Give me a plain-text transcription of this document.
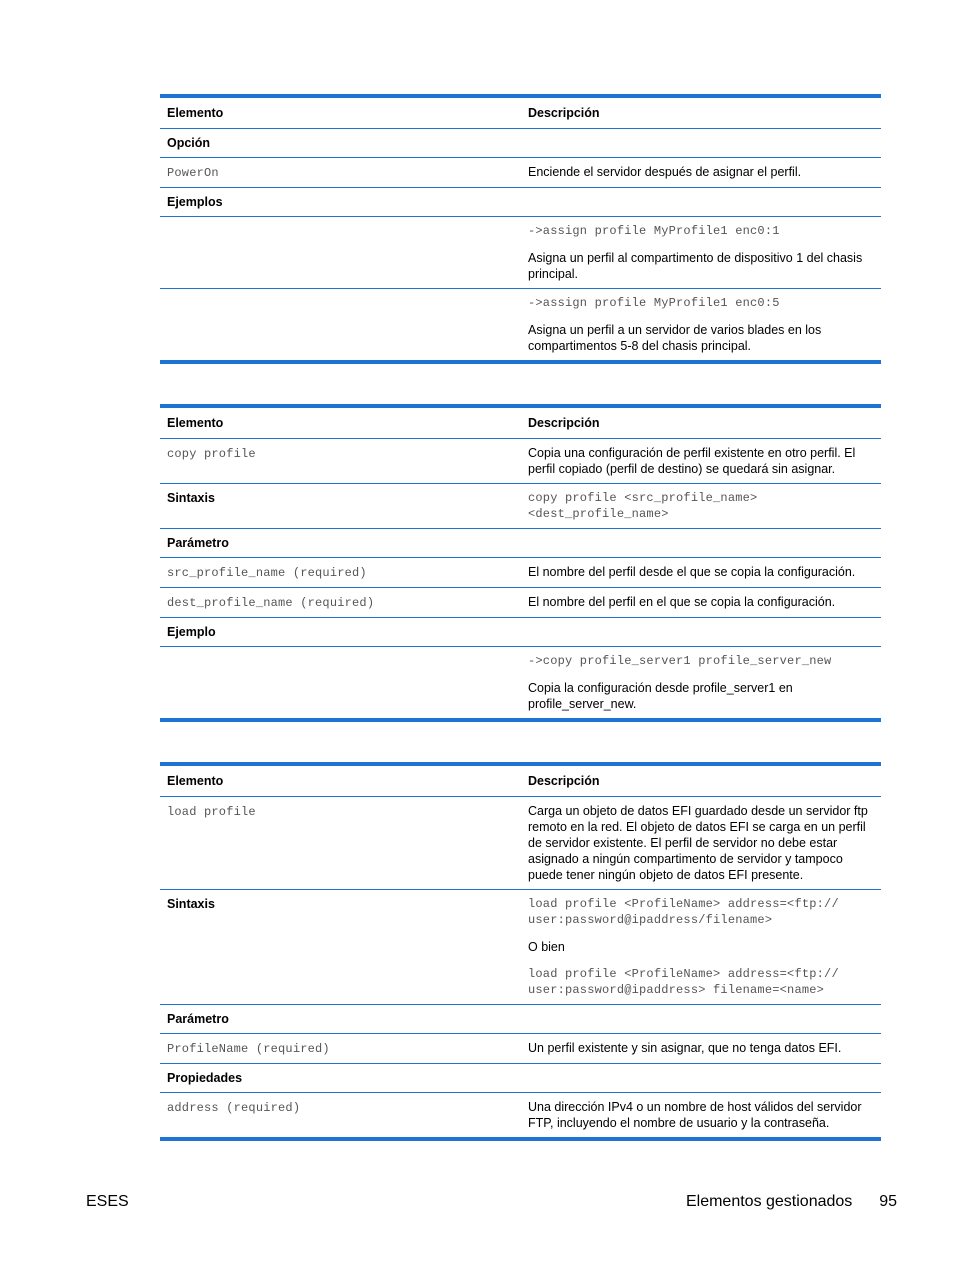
Elemento	Descripción
Opción	
PowerOn	Enciende el servidor después de asignar el perfil.
Ejemplos	

	->assign profile MyProfile1 enc0:1
Asigna un perfil al compartimento de dispositivo 1 del chasis principal.

	->assign profile MyProfile1 enc0:5
Asigna un perfil a un servidor de varios blades en los compartimentos 5-8 del chasis principal.
Elemento	Descripción
copy profile	Copia una configuración de perfil existente en otro perfil. El perfil copiado (perfil de destino) se quedará sin asignar.
Sintaxis	copy profile <src_profile_name>
<dest_profile_name>

Parámetro	
src_profile_name (required)	El nombre del perfil desde el que se copia la configuración.
dest_profile_name (required)	El nombre del perfil en el que se copia la configuración.
Ejemplo	

	->copy profile_server1 profile_server_new
Copia la configuración desde profile_server1 en profile_server_new.
Elemento	Descripción
load profile	Carga un objeto de datos EFI guardado desde un servidor ftp remoto en la red. El objeto de datos EFI se carga en un perfil de servidor existente. El perfil de servidor no debe estar asignado a ningún compartimento de servidor y tampoco puede tener ningún objeto de datos EFI presente.
Sintaxis	load profile <ProfileName> address=<ftp://
user:password@ipaddress/filename>
O bien
load profile <ProfileName> address=<ftp://
user:password@ipaddress> filename=<name>

Parámetro	
ProfileName (required)	Un perfil existente y sin asignar, que no tenga datos EFI.
Propiedades	
address (required)	Una dirección IPv4 o un nombre de host válidos del servidor FTP, incluyendo el nombre de usuario y la contraseña.
ESES	Elementos gestionados 95
